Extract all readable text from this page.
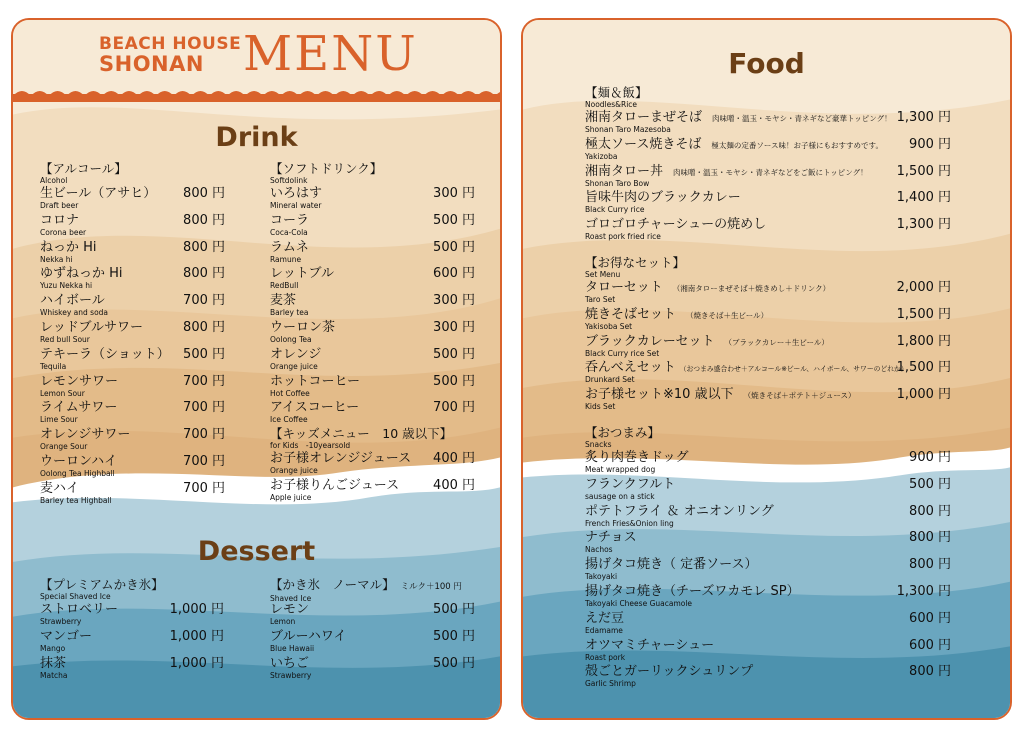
BEACH HOUSE
SHONAN MENU
Drink
【アルコール】
Alcohol
生ビール（アサヒ）
Draft beer
800 円
コロナ
Corona beer
800 円
ねっか Hi
Nekka hi
800 円
ゆずねっか Hi
Yuzu Nekka hi
800 円
ハイボール
Whiskey and soda
700 円
レッドブルサワー
Red bull Sour
800 円
テキーラ（ショット）
Tequila
500 円
レモンサワー
Lemon Sour
700 円
ライムサワー
Lime Sour
700 円
オレンジサワー
Orange Sour
700 円
ウーロンハイ
Oolong Tea Highball
700 円
麦ハイ
Barley tea Highball
700 円
【ソフトドリンク】
Softdolink
いろはす
Mineral water
300 円
コーラ
Coca-Cola
500 円
ラムネ
Ramune
500 円
レットブル
RedBull
600 円
麦茶
Barley tea
300 円
ウーロン茶
Oolong Tea
300 円
オレンジ
Orange juice
500 円
ホットコーヒー
Hot Coffee
500 円
アイスコーヒー
Ice Coffee
700 円
【キッズメニュー　10 歳以下】
for Kids　-10yearsold
お子様オレンジジュース
Orange juice
400 円
お子様りんごジュース
Apple juice
400 円
Dessert
【プレミアムかき氷】
Special Shaved Ice
ストロベリー
Strawberry
1,000 円
マンゴー
Mango
1,000 円
抹茶
Matcha
1,000 円
【かき氷　ノーマル】 ミルク＋100 円
Shaved Ice
レモン
Lemon
500 円
ブルーハワイ
Blue Hawaii
500 円
いちご
Strawberry
500 円
Food
【麺＆飯】
Noodles&Rice
湘南タローまぜそば 肉味噌・温玉・モヤシ・青ネギなど豪華トッピング！
Shonan Taro Mazesoba
1,300 円
極太ソース焼きそば 極太麺の定番ソース味！お子様にもおすすめです。
Yakizoba
900 円
湘南タロー丼 肉味噌・温玉・モヤシ・青ネギなどをご飯にトッピング！
Shonan Taro Bow
1,500 円
旨味牛肉のブラックカレー
Black Curry rice
1,400 円
ゴロゴロチャーシューの焼めし
Roast pork fried rice
1,300 円
【お得なセット】
Set Menu
タローセット （湘南タローまぜそば＋焼きめし＋ドリンク）
Taro Set
2,000 円
焼きそばセット （焼きそば＋生ビール）
Yakisoba Set
1,500 円
ブラックカレーセット （ブラックカレー＋生ビール）
Black Curry rice Set
1,800 円
呑んべえセット （おつまみ盛合わせ＋アルコール※ビール、ハイボール、サワーのどれか）
Drunkard Set
1,500 円
お子様セット※10 歳以下 （焼きそば＋ポテト＋ジュース）
Kids Set
1,000 円
【おつまみ】
Snacks
炙り肉巻きドッグ
Meat wrapped dog
900 円
フランクフルト
sausage on a stick
500 円
ポテトフライ ＆ オニオンリング
French Fries&Onion ling
800 円
ナチョス
Nachos
800 円
揚げタコ焼き（ 定番ソース）
Takoyaki
800 円
揚げタコ焼き（チーズワカモレ SP）
Takoyaki Cheese Guacamole
1,300 円
えだ豆
Edamame
600 円
オツマミチャーシュー
Roast pork
600 円
殻ごとガーリックシュリンプ
Garlic Shrimp
800 円
